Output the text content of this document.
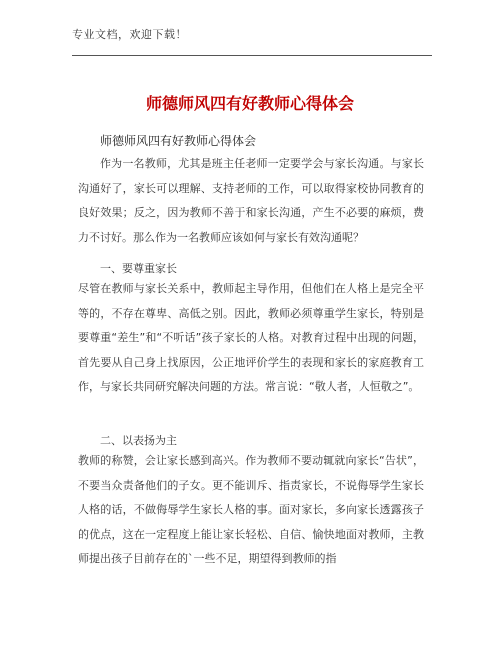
专业文档，欢迎下载！
师德师风四有好教师心得体会
师德师风四有好教师心得体会

作为一名教师，尤其是班主任老师一定要学会与家长沟通。与家长沟通好了，家长可以理解、支持老师的工作，可以取得家校协同教育的良好效果；反之，因为教师不善于和家长沟通，产生不必要的麻烦，费力不讨好。那么作为一名教师应该如何与家长有效沟通呢？

一、要尊重家长

尽管在教师与家长关系中，教师起主导作用，但他们在人格上是完全平等的，不存在尊卑、高低之别。因此，教师必须尊重学生家长，特别是要尊重“差生”和“不听话”孩子家长的人格。对教育过程中出现的问题，首先要从自己身上找原因，公正地评价学生的表现和家长的家庭教育工作，与家长共同研究解决问题的方法。常言说：“敬人者，人恒敬之”。

二、以表扬为主

教师的称赞，会让家长感到高兴。作为教师不要动辄就向家长“告状”，不要当众责备他们的子女。更不能训斥、指责家长，不说侮辱学生家长人格的话，不做侮辱学生家长人格的事。面对家长，多向家长透露孩子的优点，这在一定程度上能让家长轻松、自信、愉快地面对教师，主教师提出孩子目前存在的`一些不足，期望得到教师的指
